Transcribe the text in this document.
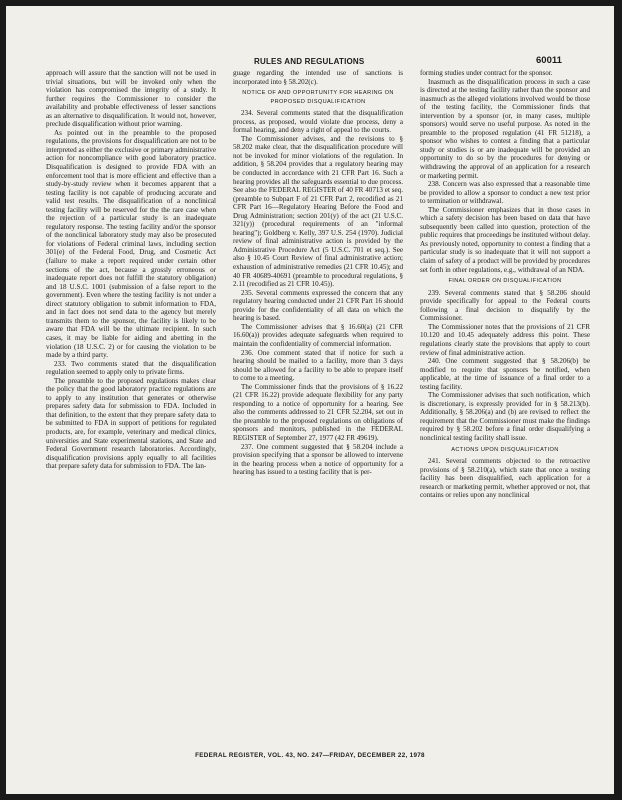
RULES AND REGULATIONS	60011

approach will assure that the sanction will not be used in trivial situations, but will be invoked only when the violation has compromised the integrity of a study. It further requires the Commissioner to consider the availability and probable effectiveness of lesser sanctions as an alternative to disqualification. It would not, however, preclude disqualification without prior warning.

As pointed out in the preamble to the proposed regulations, the provisions for disqualification are not to be interpreted as either the exclusive or primary administrative action for noncompliance with good laboratory practice. Disqualification is designed to provide FDA with an enforcement tool that is more efficient and effective than a study-by-study review when it becomes apparent that a testing facility is not capable of producing accurate and valid test results. The disqualification of a nonclinical testing facility will be reserved for the the rare case when the rejection of a particular study is an inadequate regulatory response. The testing facility and/or the sponsor of the nonclinical laboratory study may also be prosecuted for violations of Federal criminal laws, including section 301(e) of the Federal Food, Drug, and Cosmetic Act (failure to make a report required under certain other sections of the act, because a grossly erroneous or inadequate report does not fulfill the statutory obligation) and 18 U.S.C. 1001 (submission of a false report to the government). Even where the testing facility is not under a direct statutory obligation to submit information to FDA, and in fact does not send data to the agency but merely transmits them to the sponsor, the facility is likely to be aware that FDA will be the ultimate recipient. In such cases, it may be liable for aiding and abetting in the violation (18 U.S.C. 2) or for causing the violation to be made by a third party.

233. Two comments stated that the disqualification regulation seemed to apply only to private firms.

The preamble to the proposed regulations makes clear the policy that the good laboratory practice regulations are to apply to any institution that generates or otherwise prepares safety data for submission to FDA. Included in that definition, to the extent that they prepare safety data to be submitted to FDA in support of petitions for regulated products, are, for example, veterinary and medical clinics, universities and State experimental stations, and State and Federal Government research laboratories. Accordingly, disqualification provisions apply equally to all facilities that prepare safety data for submission to FDA. The lan-

guage regarding the intended use of sanctions is incorporated into § 58.202(c).

NOTICE OF AND OPPORTUNITY FOR HEARING ON PROPOSED DISQUALIFICATION

234. Several comments stated that the disqualification process, as proposed, would violate due process, deny a formal hearing, and deny a right of appeal to the courts.

The Commissioner advises, and the revisions to § 58.202 make clear, that the disqualification procedure will not be invoked for minor violations of the regulation. In addition, § 58.204 provides that a regulatory hearing may be conducted in accordance with 21 CFR Part 16. Such a hearing provides all the safeguards essential to due process. See also the FEDERAL REGISTER of 40 FR 40713 et seq. (preamble to Subpart F of 21 CFR Part 2, recodified as 21 CFR Part 16—Regulatory Hearing Before the Food and Drug Administration; section 201(y) of the act (21 U.S.C. 321(y)) (procedural requirements of an "informal hearing"); Goldberg v. Kelly, 397 U.S. 254 (1970). Judicial review of final administrative action is provided by the Administrative Procedure Act (5 U.S.C. 701 et seq.). See also § 10.45 Court Review of final administrative action; exhaustion of administrative remedies (21 CFR 10.45); and 40 FR 40689-40691 (preamble to procedural regulations, § 2.11 (recodified as 21 CFR 10.45)).

235. Several comments expressed the concern that any regulatory hearing conducted under 21 CFR Part 16 should provide for the confidentiality of all data on which the hearing is based.

The Commissioner advises that § 16.60(a) (21 CFR 16.60(a)) provides adequate safeguards when required to maintain the confidentiality of commercial information.

236. One comment stated that if notice for such a hearing should be mailed to a facility, more than 3 days should be allowed for a facility to be able to prepare itself to come to a meeting.

The Commissioner finds that the provisions of § 16.22 (21 CFR 16.22) provide adequate flexibility for any party responding to a notice of opportunity for a hearing. See also the comments addressed to 21 CFR 52.204, set out in the preamble to the proposed regulations on obligations of sponsors and monitors, published in the FEDERAL REGISTER of September 27, 1977 (42 FR 49619).

237. One comment suggested that § 58.204 include a provision specifying that a sponsor be allowed to intervene in the hearing process when a notice of opportunity for a hearing has issued to a testing facility that is per-

forming studies under contract for the sponsor.

Inasmuch as the disqualification process in such a case is directed at the testing facility rather than the sponsor and inasmuch as the alleged violations involved would be those of the testing facility, the Commissioner finds that intervention by a sponsor (or, in many cases, multiple sponsors) would serve no useful purpose. As noted in the preamble to the proposed regulation (41 FR 51218), a sponsor who wishes to contest a finding that a particular study or studies is or are inadequate will be provided an opportunity to do so by the procedures for denying or withdrawing the approval of an application for a research or marketing permit.

238. Concern was also expressed that a reasonable time be provided to allow a sponsor to conduct a new test prior to termination or withdrawal.

The Commissioner emphasizes that in those cases in which a safety decision has been based on data that have subsequently been called into question, protection of the public requires that proceedings be instituted without delay. As previously noted, opportunity to contest a finding that a particular study is so inadequate that it will not support a claim of safety of a product will be provided by procedures set forth in other regulations, e.g., withdrawal of an NDA.

FINAL ORDER ON DISQUALIFICATION

239. Several comments stated that § 58.206 should provide specifically for appeal to the Federal courts following a final decision to disqualify by the Commissioner.

The Commissioner notes that the provisions of 21 CFR 10.120 and 10.45 adequately address this point. These regulations clearly state the provisions that apply to court review of final administrative action.

240. One comment suggested that § 58.206(b) be modified to require that sponsors be notified, when applicable, at the time of issuance of a final order to a testing facility.

The Commissioner advises that such notification, which is discretionary, is expressly provided for in § 58.213(b). Additionally, § 58.206(a) and (b) are revised to reflect the requirement that the Commissioner must make the findings required by § 58.202 before a final order disqualifying a nonclinical testing facility shall issue.

ACTIONS UPON DISQUALIFICATION

241. Several comments objected to the retroactive provisions of § 58.210(a), which state that once a testing facility has been disqualified, each application for a research or marketing permit, whether approved or not, that contains or relies upon any nonclinical

FEDERAL REGISTER, VOL. 43, NO. 247—FRIDAY, DECEMBER 22, 1978
